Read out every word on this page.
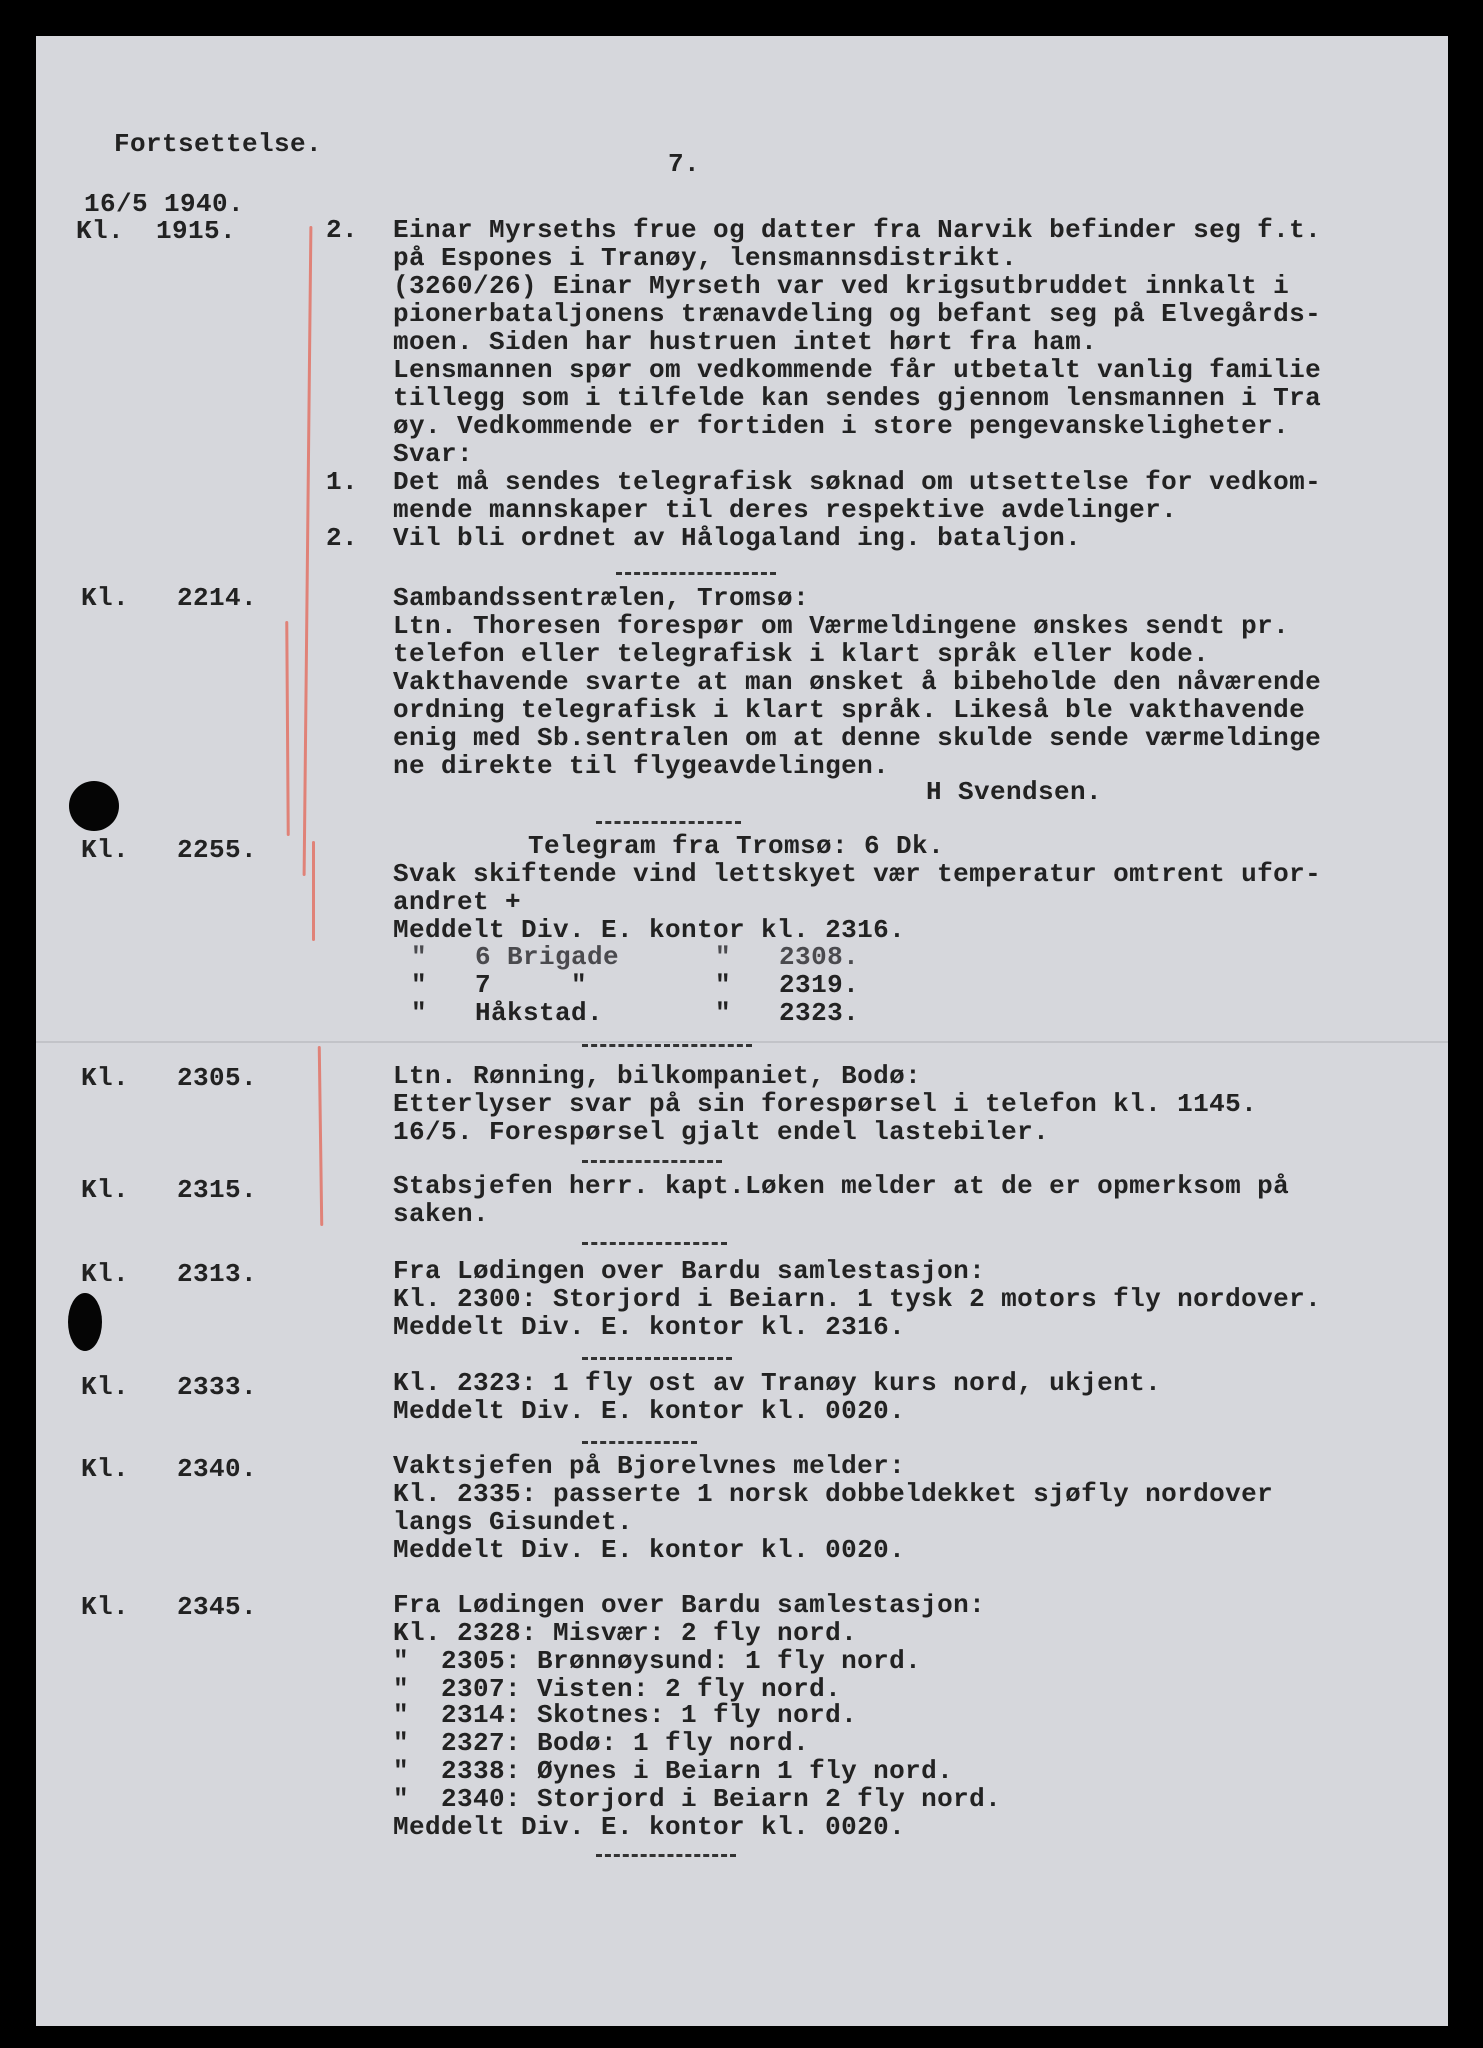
Fortsettelse.
7.
16/5 1940.
Kl.  1915.	2. Einar Myrseths frue og datter fra Narvik befinder seg f.t.
på Espones i Tranøy, lensmannsdistrikt.
(3260/26) Einar Myrseth var ved krigsutbruddet innkalt i
pionerbataljonens trænavdeling og befant seg på Elvegårds-
moen. Siden har hustruen intet hørt fra ham.
Lensmannen spør om vedkommende får utbetalt vanlig familie
tillegg som i tilfelde kan sendes gjennom lensmannen i Tra
øy. Vedkommende er fortiden i store pengevanskeligheter.
Svar:
1. Det må sendes telegrafisk søknad om utsettelse for vedkom-
mende mannskaper til deres respektive avdelinger.
2. Vil bli ordnet av Hålogaland ing. bataljon.
Kl.   2214.	Sambandssentrælen, Tromsø:
Ltn. Thoresen forespør om Værmeldingene ønskes sendt pr.
telefon eller telegrafisk i klart språk eller kode.
Vakthavende svarte at man ønsket å bibeholde den nåværende
ordning telegrafisk i klart språk. Likeså ble vakthavende
enig med Sb.sentralen om at denne skulde sende værmeldinge
ne direkte til flygeavdelingen.
H Svendsen.
Kl.   2255.	Telegram fra Tromsø: 6 Dk.
Svak skiftende vind lettskyet vær temperatur omtrent ufor-
andret +
Meddelt Div. E. kontor kl. 2316.
"   6 Brigade      "   2308.
"   7     "        "   2319.
"   Håkstad.       "   2323.
Kl.   2305.	Ltn. Rønning, bilkompaniet, Bodø:
Etterlyser svar på sin forespørsel i telefon kl. 1145.
16/5. Forespørsel gjalt endel lastebiler.
Kl.   2315.	Stabsjefen herr. kapt.Løken melder at de er opmerksom på
saken.
Kl.   2313.	Fra Lødingen over Bardu samlestasjon:
Kl. 2300: Storjord i Beiarn. 1 tysk 2 motors fly nordover.
Meddelt Div. E. kontor kl. 2316.
Kl.   2333.	Kl. 2323: 1 fly ost av Tranøy kurs nord, ukjent.
Meddelt Div. E. kontor kl. 0020.
Kl.   2340.	Vaktsjefen på Bjorelvnes melder:
Kl. 2335: passerte 1 norsk dobbeldekket sjøfly nordover
langs Gisundet.
Meddelt Div. E. kontor kl. 0020.
Kl.   2345.	Fra Lødingen over Bardu samlestasjon:
Kl. 2328: Misvær: 2 fly nord.
"  2305: Brønnøysund: 1 fly nord.
"  2307: Visten: 2 fly nord.
"  2314: Skotnes: 1 fly nord.
"  2327: Bodø: 1 fly nord.
"  2338: Øynes i Beiarn 1 fly nord.
"  2340: Storjord i Beiarn 2 fly nord.
Meddelt Div. E. kontor kl. 0020.
